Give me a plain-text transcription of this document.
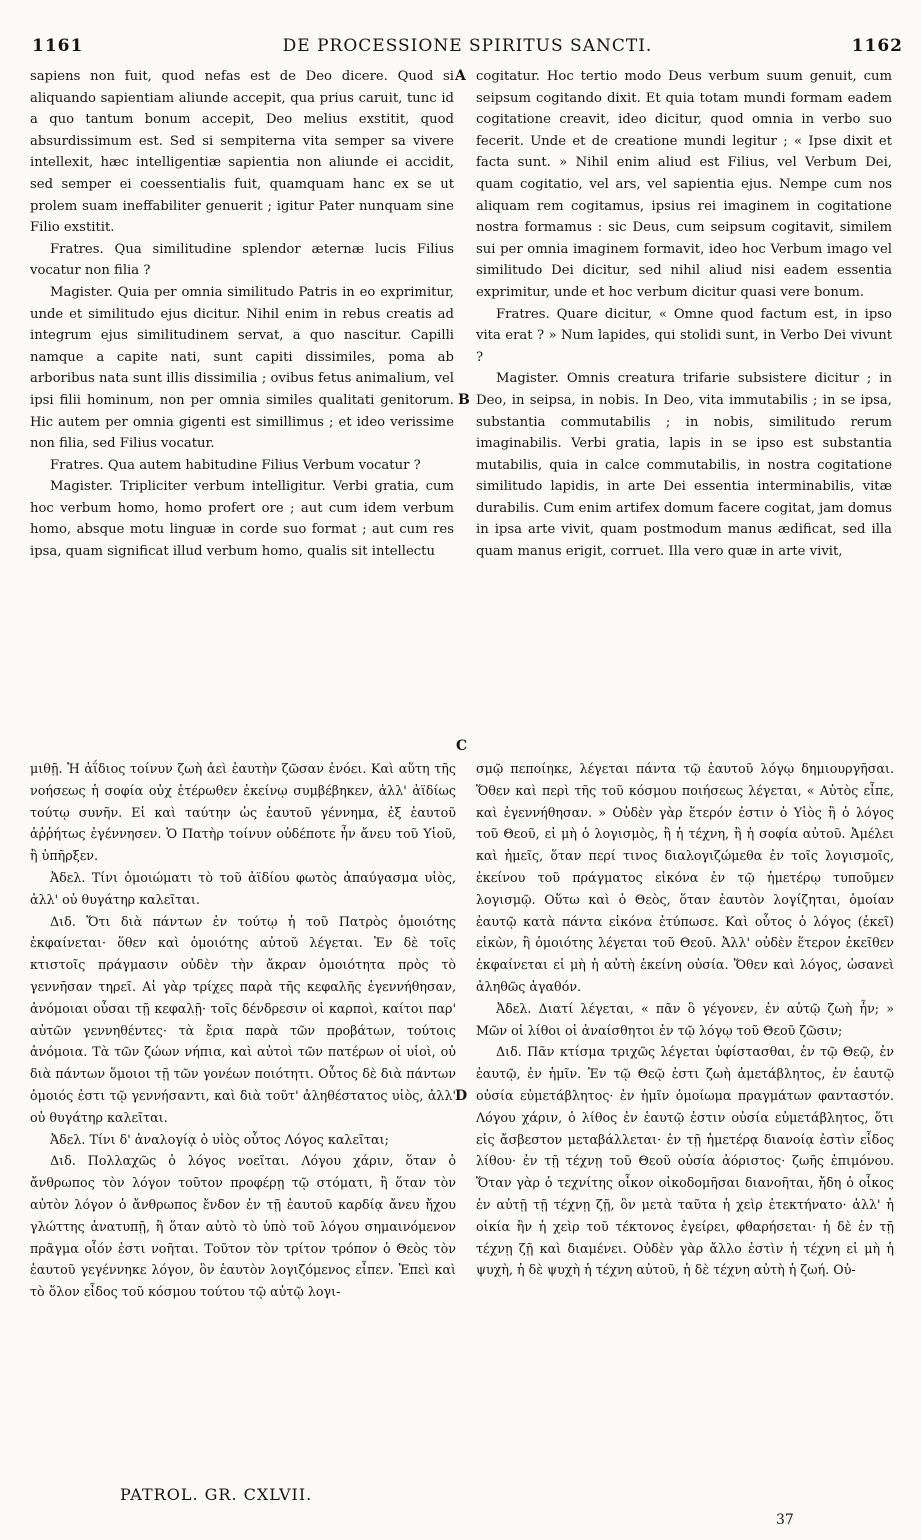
1161	DE PROCESSIONE SPIRITUS SANCTI.	1162

sapiens non fuit, quod nefas est de Deo dicere. Quod si aliquando sapientiam aliunde accepit, qua prius caruit, tunc id a quo tantum bonum accepit, Deo melius exstitit, quod absurdissimum est. Sed si sempiterna vita semper sa vivere intellexit, hæc intelligentiæ sapientia non aliunde ei accidit, sed semper ei coessentialis fuit, quamquam hanc ex se ut prolem suam ineffabiliter genuerit ; igitur Pater nunquam sine Filio exstitit.

Fratres. Qua similitudine splendor æternæ lucis Filius vocatur non filia ?

Magister. Quia per omnia similitudo Patris in eo exprimitur, unde et similitudo ejus dicitur. Nihil enim in rebus creatis ad integrum ejus similitudinem servat, a quo nascitur. Capilli namque a capite nati, sunt capiti dissimiles, poma ab arboribus nata sunt illis dissimilia ; ovibus fetus animalium, vel ipsi filii hominum, non per omnia similes qualitati genitorum. Hic autem per omnia gigenti est simillimus ; et ideo verissime non filia, sed Filius vocatur.

Fratres. Qua autem habitudine Filius Verbum vocatur ?

Magister. Tripliciter verbum intelligitur. Verbi gratia, cum hoc verbum homo, homo profert ore ; aut cum idem verbum homo, absque motu linguæ in corde suo format ; aut cum res ipsa, quam significat illud verbum homo, qualis sit intellectu

cogitatur. Hoc tertio modo Deus verbum suum genuit, cum seipsum cogitando dixit. Et quia totam mundi formam eadem cogitatione creavit, ideo dicitur, quod omnia in verbo suo fecerit. Unde et de creatione mundi legitur ; « Ipse dixit et facta sunt. » Nihil enim aliud est Filius, vel Verbum Dei, quam cogitatio, vel ars, vel sapientia ejus. Nempe cum nos aliquam rem cogitamus, ipsius rei imaginem in cogitatione nostra formamus : sic Deus, cum seipsum cogitavit, similem sui per omnia imaginem formavit, ideo hoc Verbum imago vel similitudo Dei dicitur, sed nihil aliud nisi eadem essentia exprimitur, unde et hoc verbum dicitur quasi vere bonum.

Fratres. Quare dicitur, « Omne quod factum est, in ipso vita erat ? » Num lapides, qui stolidi sunt, in Verbo Dei vivunt ?

Magister. Omnis creatura trifarie subsistere dicitur ; in Deo, in seipsa, in nobis. In Deo, vita immutabilis ; in se ipsa, substantia commutabilis ; in nobis, similitudo rerum imaginabilis. Verbi gratia, lapis in se ipso est substantia mutabilis, quia in calce commutabilis, in nostra cogitatione similitudo lapidis, in arte Dei essentia interminabilis, vitæ durabilis. Cum enim artifex domum facere cogitat, jam domus in ipsa arte vivit, quam postmodum manus ædificat, sed illa quam manus erigit, corruet. Illa vero quæ in arte vivit,

μιθῇ. Ἡ ἀΐδιος τοίνυν ζωὴ ἀεὶ ἑαυτὴν ζῶσαν ἐνόει. Καὶ αὕτη τῆς νοήσεως ἡ σοφία οὐχ ἑτέρωθεν ἐκείνῳ συμβέβηκεν, ἀλλ' ἀϊδίως τούτῳ συνῆν. Εἰ καὶ ταύτην ὡς ἑαυτοῦ γέννημα, ἐξ ἑαυτοῦ ἀῤῥήτως ἐγέννησεν. Ὁ Πατὴρ τοίνυν οὐδέποτε ἦν ἄνευ τοῦ Υἱοῦ, ἢ ὑπῆρξεν.

Ἀδελ. Τίνι ὁμοιώματι τὸ τοῦ ἀϊδίου φωτὸς ἀπαύγασμα υἱὸς, ἀλλ' οὐ θυγάτηρ καλεῖται.

Διδ. Ὅτι διὰ πάντων ἐν τούτῳ ἡ τοῦ Πατρὸς ὁμοιότης ἐκφαίνεται· ὅθεν καὶ ὁμοιότης αὐτοῦ λέγεται. Ἐν δὲ τοῖς κτιστοῖς πράγμασιν οὐδὲν τὴν ἄκραν ὁμοιότητα πρὸς τὸ γεννῆσαν τηρεῖ. Αἱ γὰρ τρίχες παρὰ τῆς κεφαλῆς ἐγεννήθησαν, ἀνόμοιαι οὖσαι τῇ κεφαλῇ· τοῖς δένδρεσιν οἱ καρποὶ, καίτοι παρ' αὐτῶν γεννηθέντες· τὰ ἔρια παρὰ τῶν προβάτων, τούτοις ἀνόμοια. Τὰ τῶν ζώων νήπια, καὶ αὐτοὶ τῶν πατέρων οἱ υἱοὶ, οὐ διὰ πάντων ὅμοιοι τῇ τῶν γονέων ποιότητι. Οὗτος δὲ διὰ πάντων ὁμοιός ἐστι τῷ γεννήσαντι, καὶ διὰ τοῦτ' ἀληθέστατος υἱὸς, ἀλλ' οὐ θυγάτηρ καλεῖται.

Ἀδελ. Τίνι δ' ἀναλογίᾳ ὁ υἱὸς οὗτος Λόγος καλεῖται;

Διδ. Πολλαχῶς ὁ λόγος νοεῖται. Λόγου χάριν, ὅταν ὁ ἄνθρωπος τὸν λόγον τοῦτον προφέρῃ τῷ στόματι, ἢ ὅταν τὸν αὐτὸν λόγον ὁ ἄνθρωπος ἔνδον ἐν τῇ ἑαυτοῦ καρδίᾳ ἄνευ ἤχου γλώττης ἀνατυπῇ, ἢ ὅταν αὐτὸ τὸ ὑπὸ τοῦ λόγου σημαινόμενον πρᾶγμα οἷόν ἐστι νοῆται. Τοῦτον τὸν τρίτον τρόπον ὁ Θεὸς τὸν ἑαυτοῦ γεγέννηκε λόγον, ὃν ἑαυτὸν λογιζόμενος εἶπεν. Ἐπεὶ καὶ τὸ ὅλον εἶδος τοῦ κόσμου τούτου τῷ αὐτῷ λογι-

σμῷ πεποίηκε, λέγεται πάντα τῷ ἑαυτοῦ λόγῳ δημιουργῆσαι. Ὅθεν καὶ περὶ τῆς τοῦ κόσμου ποιήσεως λέγεται, « Αὐτὸς εἶπε, καὶ ἐγεννήθησαν. » Οὐδὲν γὰρ ἕτερόν ἐστιν ὁ Υἱὸς ἢ ὁ λόγος τοῦ Θεοῦ, εἰ μὴ ὁ λογισμὸς, ἢ ἡ τέχνη, ἢ ἡ σοφία αὐτοῦ. Ἀμέλει καὶ ἡμεῖς, ὅταν περί τινος διαλογιζώμεθα ἐν τοῖς λογισμοῖς, ἐκείνου τοῦ πράγματος εἰκόνα ἐν τῷ ἡμετέρῳ τυποῦμεν λογισμῷ. Οὕτω καὶ ὁ Θεὸς, ὅταν ἑαυτὸν λογίζηται, ὁμοίαν ἑαυτῷ κατὰ πάντα εἰκόνα ἐτύπωσε. Καὶ οὗτος ὁ λόγος (ἐκεῖ) εἰκὼν, ἢ ὁμοιότης λέγεται τοῦ Θεοῦ. Ἀλλ' οὐδὲν ἕτερον ἐκεῖθεν ἐκφαίνεται εἰ μὴ ἡ αὐτὴ ἐκείνη οὐσία. Ὅθεν καὶ λόγος, ὡσανεὶ ἀληθῶς ἀγαθόν.

Ἀδελ. Διατί λέγεται, « πᾶν ὃ γέγονεν, ἐν αὐτῷ ζωὴ ἦν; » Μῶν οἱ λίθοι οἱ ἀναίσθητοι ἐν τῷ λόγῳ τοῦ Θεοῦ ζῶσιν;

Διδ. Πᾶν κτίσμα τριχῶς λέγεται ὑφίστασθαι, ἐν τῷ Θεῷ, ἐν ἑαυτῷ, ἐν ἡμῖν. Ἐν τῷ Θεῷ ἐστι ζωὴ ἀμετάβλητος, ἐν ἑαυτῷ οὐσία εὐμετάβλητος· ἐν ἡμῖν ὁμοίωμα πραγμάτων φανταστόν. Λόγου χάριν, ὁ λίθος ἐν ἑαυτῷ ἐστιν οὐσία εὐμετάβλητος, ὅτι εἰς ἄσβεστον μεταβάλλεται· ἐν τῇ ἡμετέρᾳ διανοίᾳ ἐστὶν εἶδος λίθου· ἐν τῇ τέχνῃ τοῦ Θεοῦ οὐσία ἀόριστος· ζωῆς ἐπιμόνου. Ὅταν γὰρ ὁ τεχνίτης οἶκον οἰκοδομῆσαι διανοῆται, ἤδη ὁ οἶκος ἐν αὐτῇ τῇ τέχνῃ ζῇ, ὃν μετὰ ταῦτα ἡ χεὶρ ἐτεκτήνατο· ἀλλ' ἡ οἰκία ἣν ἡ χεὶρ τοῦ τέκτονος ἐγείρει, φθαρήσεται· ἡ δὲ ἐν τῇ τέχνῃ ζῇ καὶ διαμένει. Οὐδὲν γὰρ ἄλλο ἐστὶν ἡ τέχνη εἰ μὴ ἡ ψυχὴ, ἡ δὲ ψυχὴ ἡ τέχνη αὐτοῦ, ἡ δὲ τέχνη αὐτὴ ἡ ζωή. Οὐ-

A
B
C
D
PATROL. GR. CXLVII.
37
